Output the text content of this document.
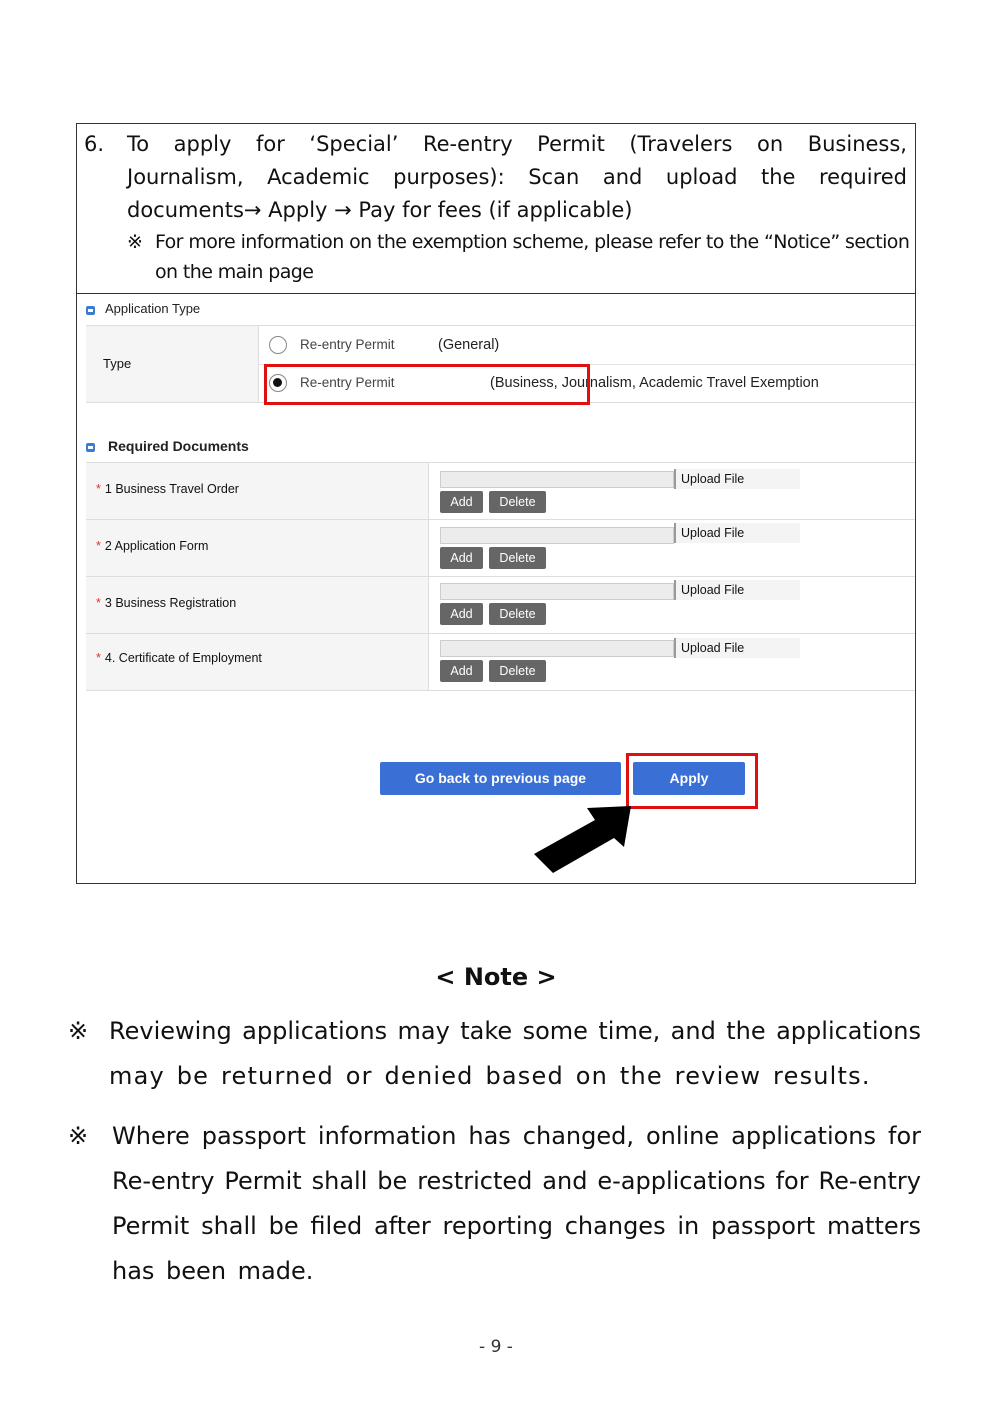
6. To apply for ‘Special’ Re-entry Permit (Travelers on Business,
Journalism, Academic purposes): Scan and upload the required
documents→ Apply → Pay for fees (if applicable)
※ For more information on the exemption scheme, please refer to the “Notice” section
on the main page
Application Type
Type
Re-entry Permit	(General)
Re-entry Permit	(Business, Journalism, Academic Travel Exemption
Required Documents
* 1 Business Travel Order
Upload File
Add	Delete
* 2 Application Form
Upload File
Add	Delete
* 3 Business Registration
Upload File
Add	Delete
* 4. Certificate of Employment
Upload File
Add	Delete
Go back to previous page	Apply
< Note >
※ Reviewing applications may take some time, and the applications
may be returned or denied based on the review results.
※ Where passport information has changed, online applications for
Re-entry Permit shall be restricted and e-applications for Re-entry
Permit shall be filed after reporting changes in passport matters
has been made.
- 9 -
